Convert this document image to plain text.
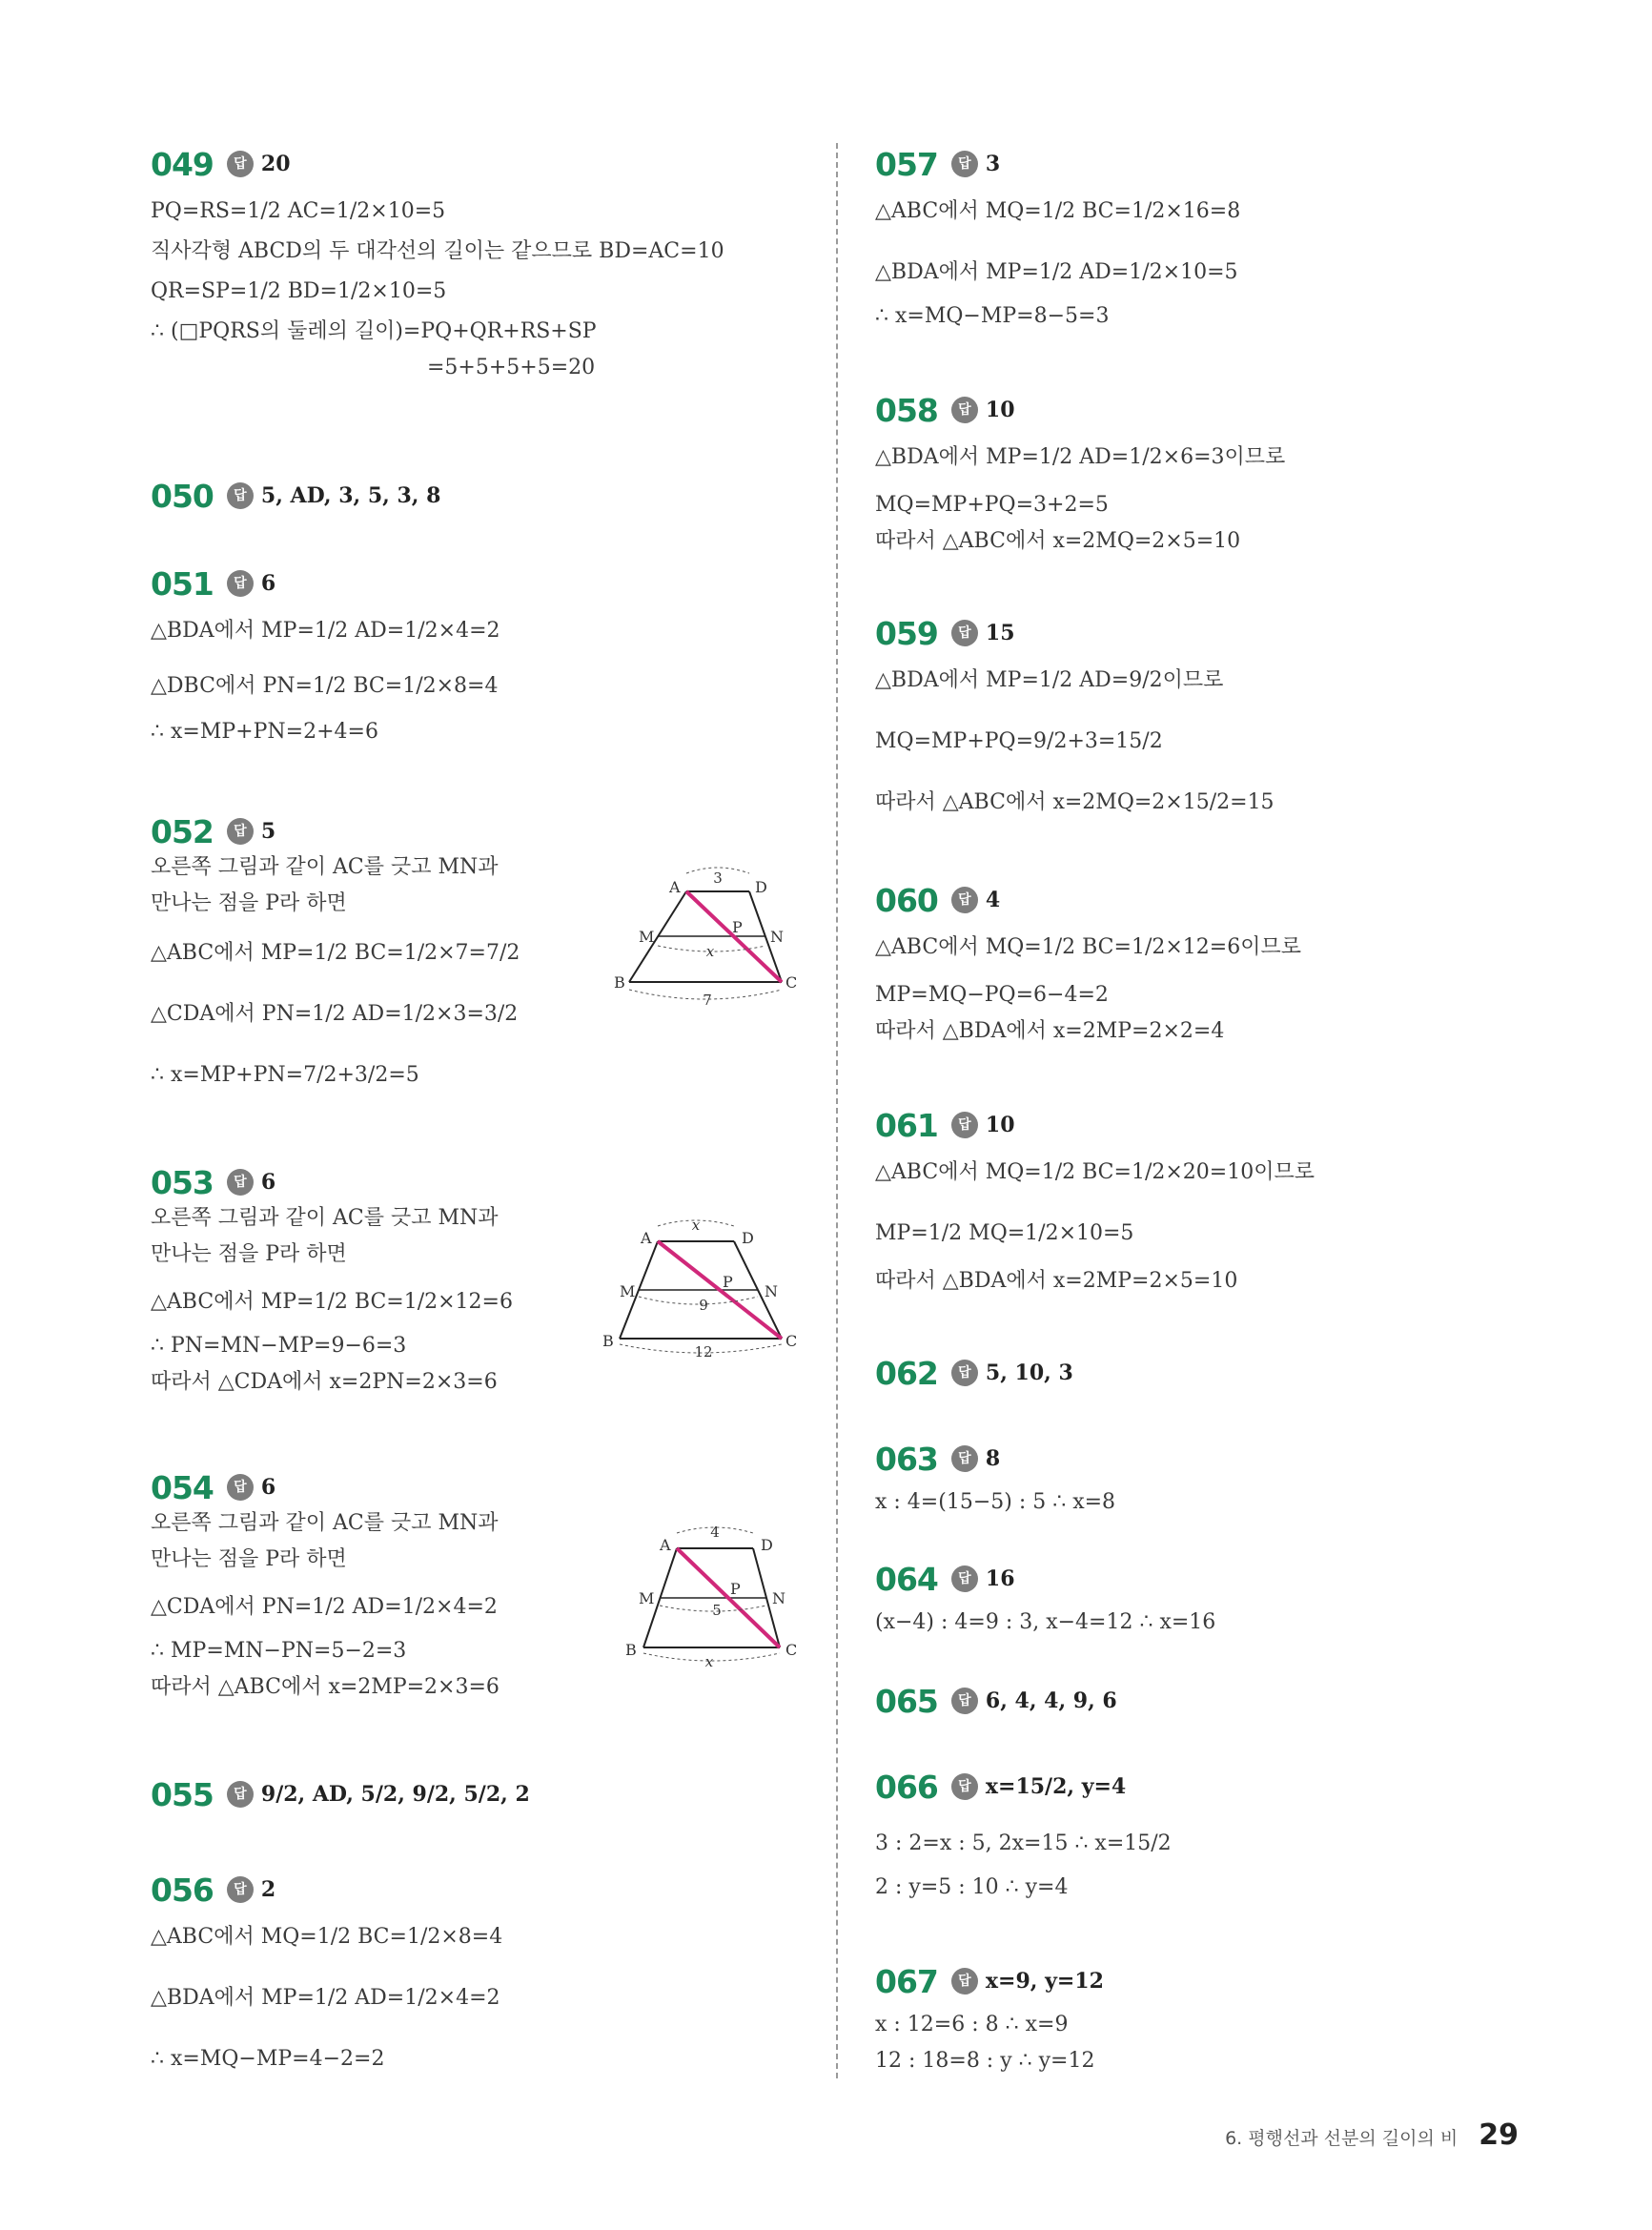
049	답 20
PQ=RS=1/2 AC=1/2×10=5
직사각형 ABCD의 두 대각선의 길이는 같으므로 BD=AC=10
QR=SP=1/2 BD=1/2×10=5
∴ (□PQRS의 둘레의 길이)=PQ+QR+RS+SP
=5+5+5+5=20
050	답 5, AD, 3, 5, 3, 8
051	답 6
△BDA에서 MP=1/2 AD=1/2×4=2
△DBC에서 PN=1/2 BC=1/2×8=4
∴ x=MP+PN=2+4=6
052	답 5
오른쪽 그림과 같이 AC를 긋고 MN과
만나는 점을 P라 하면
△ABC에서 MP=1/2 BC=1/2×7=7/2
△CDA에서 PN=1/2 AD=1/2×3=3/2
∴ x=MP+PN=7/2+3/2=5
053	답 6
오른쪽 그림과 같이 AC를 긋고 MN과
만나는 점을 P라 하면
△ABC에서 MP=1/2 BC=1/2×12=6
∴ PN=MN−MP=9−6=3
따라서 △CDA에서 x=2PN=2×3=6
054	답 6
오른쪽 그림과 같이 AC를 긋고 MN과
만나는 점을 P라 하면
△CDA에서 PN=1/2 AD=1/2×4=2
∴ MP=MN−PN=5−2=3
따라서 △ABC에서 x=2MP=2×3=6
055	답 9/2, AD, 5/2, 9/2, 5/2, 2
056	답 2
△ABC에서 MQ=1/2 BC=1/2×8=4
△BDA에서 MP=1/2 AD=1/2×4=2
∴ x=MQ−MP=4−2=2
3
x
7
A	D
M
P
N
B	C
x
9
12
A	D
M
P
N
B	C
4
5
x
A	D
M
P
N
B	C
057	답 3
△ABC에서 MQ=1/2 BC=1/2×16=8
△BDA에서 MP=1/2 AD=1/2×10=5
∴ x=MQ−MP=8−5=3
058	답 10
△BDA에서 MP=1/2 AD=1/2×6=3이므로
MQ=MP+PQ=3+2=5
따라서 △ABC에서 x=2MQ=2×5=10
059	답 15
△BDA에서 MP=1/2 AD=9/2이므로
MQ=MP+PQ=9/2+3=15/2
따라서 △ABC에서 x=2MQ=2×15/2=15
060	답 4
△ABC에서 MQ=1/2 BC=1/2×12=6이므로
MP=MQ−PQ=6−4=2
따라서 △BDA에서 x=2MP=2×2=4
061	답 10
△ABC에서 MQ=1/2 BC=1/2×20=10이므로
MP=1/2 MQ=1/2×10=5
따라서 △BDA에서 x=2MP=2×5=10
062	답 5, 10, 3
063	답 8
x : 4=(15−5) : 5 ∴ x=8
064	답 16
(x−4) : 4=9 : 3, x−4=12 ∴ x=16
065	답 6, 4, 4, 9, 6
066	답 x=15/2, y=4
3 : 2=x : 5, 2x=15 ∴ x=15/2
2 : y=5 : 10 ∴ y=4
067	답 x=9, y=12
x : 12=6 : 8 ∴ x=9
12 : 18=8 : y ∴ y=12
6. 평행선과 선분의 길이의 비 29
